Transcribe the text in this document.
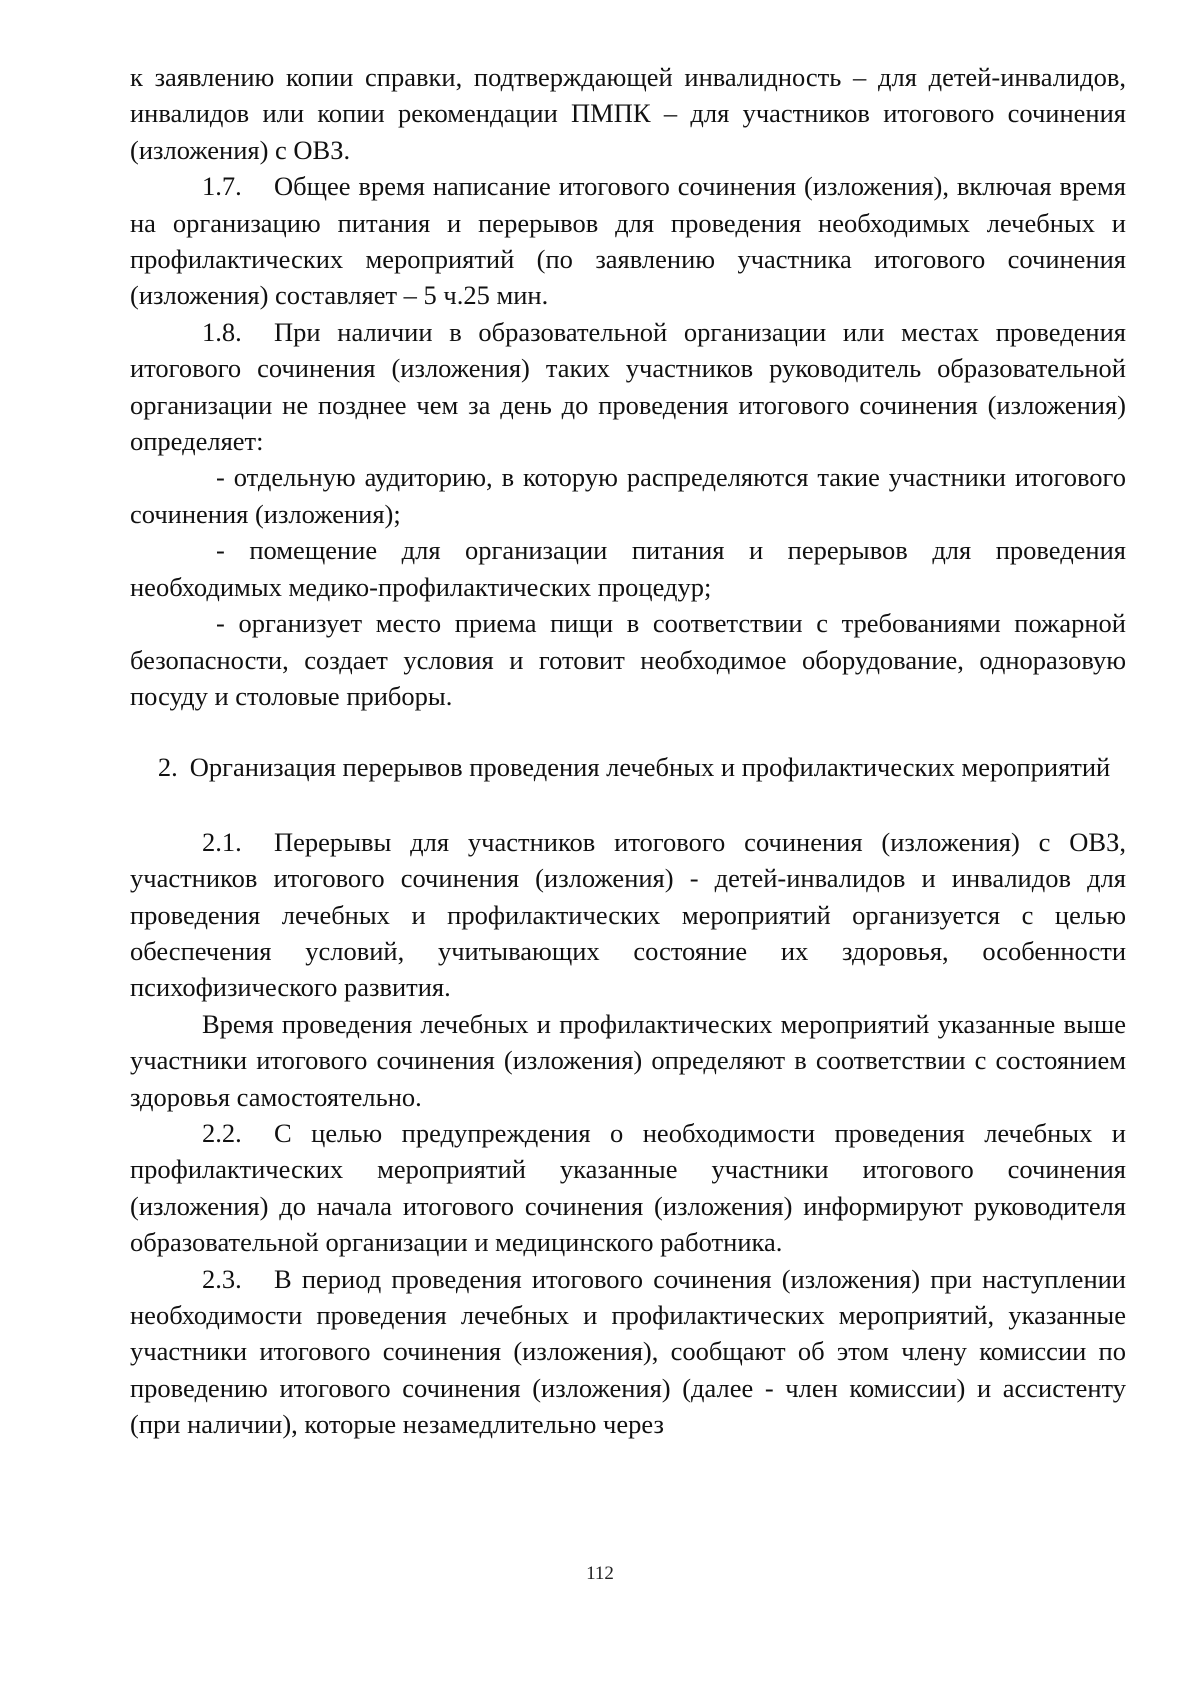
к заявлению копии справки, подтверждающей инвалидность – для детей-инвалидов, инвалидов или копии рекомендации ПМПК – для участников итогового сочинения (изложения) с ОВЗ.

1.7. Общее время написание итогового сочинения (изложения), включая время на организацию питания и перерывов для проведения необходимых лечебных и профилактических мероприятий (по заявлению участника итогового сочинения (изложения) составляет – 5 ч.25 мин.

1.8. При наличии в образовательной организации или местах проведения итогового сочинения (изложения) таких участников руководитель образовательной организации не позднее чем за день до проведения итогового сочинения (изложения) определяет:

- отдельную аудиторию, в которую распределяются такие участники итогового сочинения (изложения);

- помещение для организации питания и перерывов для проведения необходимых медико-профилактических процедур;

- организует место приема пищи в соответствии с требованиями пожарной безопасности, создает условия и готовит необходимое оборудование, одноразовую посуду и столовые приборы.

2. Организация перерывов проведения лечебных и профилактических мероприятий

2.1. Перерывы для участников итогового сочинения (изложения) с ОВЗ, участников итогового сочинения (изложения) - детей-инвалидов и инвалидов для проведения лечебных и профилактических мероприятий организуется с целью обеспечения условий, учитывающих состояние их здоровья, особенности психофизического развития.

Время проведения лечебных и профилактических мероприятий указанные выше участники итогового сочинения (изложения) определяют в соответствии с состоянием здоровья самостоятельно.

2.2. С целью предупреждения о необходимости проведения лечебных и профилактических мероприятий указанные участники итогового сочинения (изложения) до начала итогового сочинения (изложения) информируют руководителя образовательной организации и медицинского работника.

2.3. В период проведения итогового сочинения (изложения) при наступлении необходимости проведения лечебных и профилактических мероприятий, указанные участники итогового сочинения (изложения), сообщают об этом члену комиссии по проведению итогового сочинения (изложения) (далее - член комиссии) и ассистенту (при наличии), которые незамедлительно через

112
